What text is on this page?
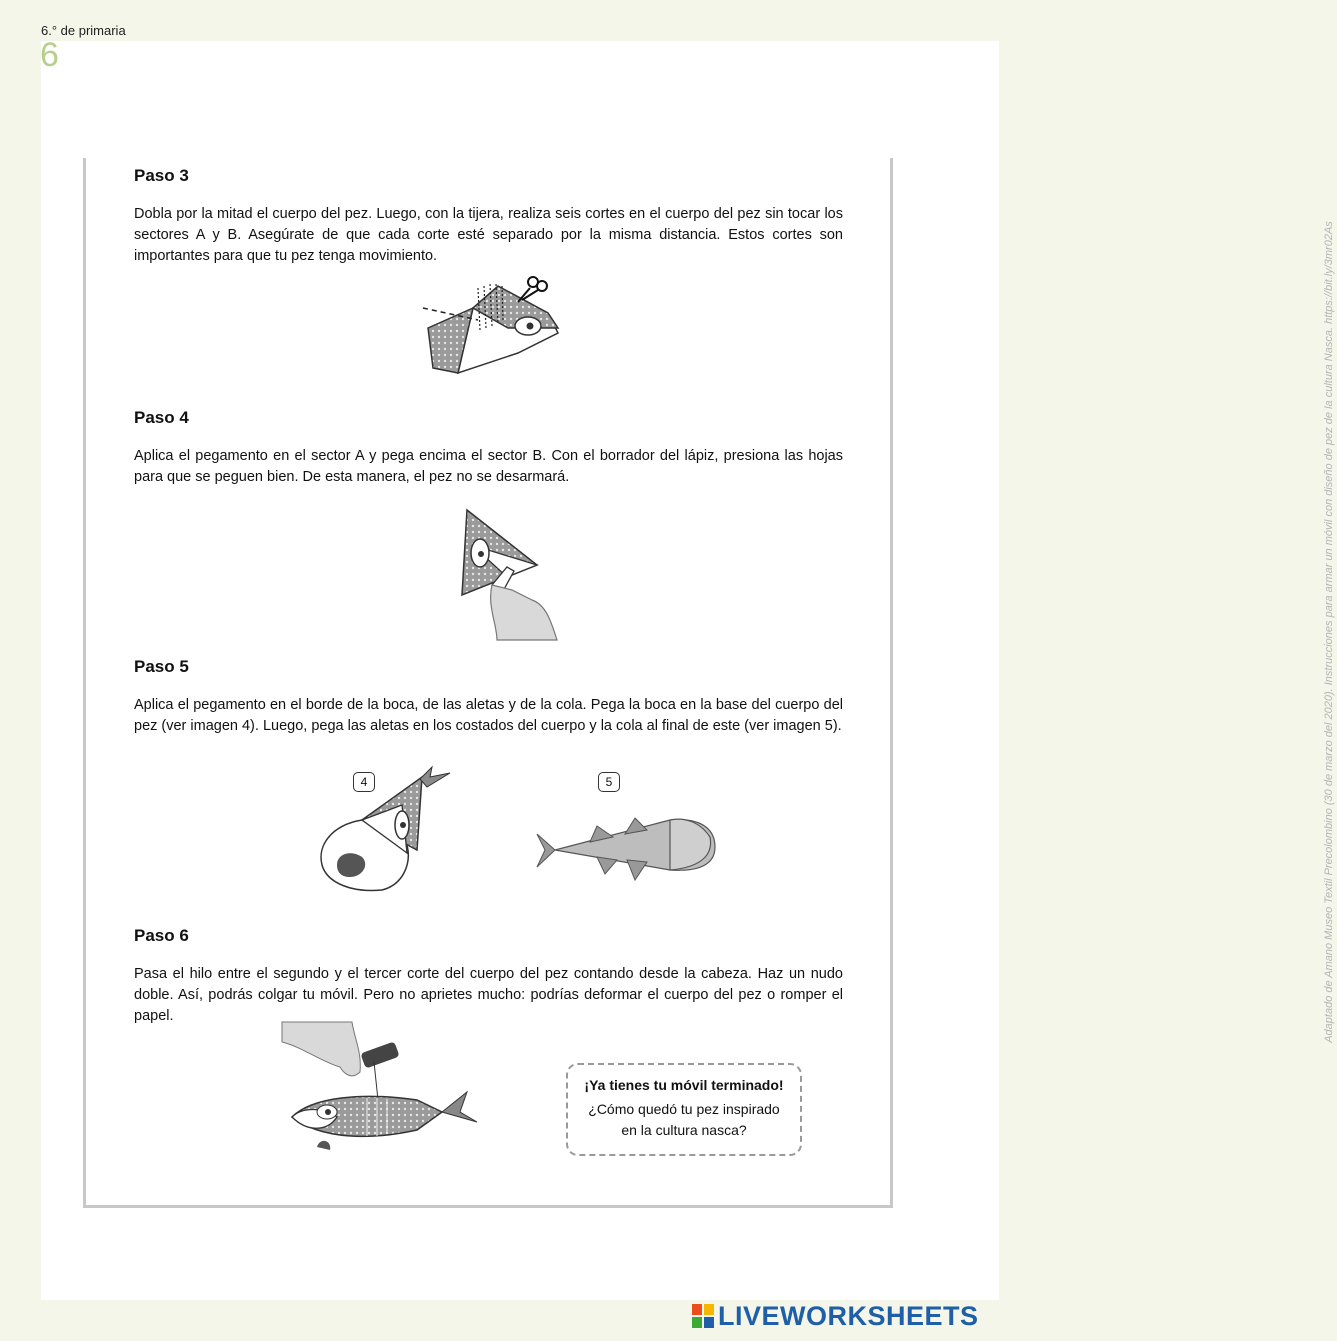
6.° de primaria
6
Paso 3

Dobla por la mitad el cuerpo del pez. Luego, con la tijera, realiza seis cortes en el cuerpo del pez sin tocar los sectores A y B. Asegúrate de que cada corte esté separado por la misma distancia. Estos cortes son importantes para que tu pez tenga movimiento.

Paso 4

Aplica el pegamento en el sector A y pega encima el sector B. Con el borrador del lápiz, presiona las hojas para que se peguen bien. De esta manera, el pez no se desarmará.

Paso 5

Aplica el pegamento en el borde de la boca, de las aletas y de la cola. Pega la boca en la base del cuerpo del pez (ver imagen 4). Luego, pega las aletas en los costados del cuerpo y la cola al final de este (ver imagen 5).

4	5
Paso 6

Pasa el hilo entre el segundo y el tercer corte del cuerpo del pez contando desde la cabeza. Haz un nudo doble. Así, podrás colgar tu móvil. Pero no aprietes mucho: podrías deformar el cuerpo del pez o romper el papel.

¡Ya tienes tu móvil terminado!
¿Cómo quedó tu pez inspirado en la cultura nasca?
Adaptado de Amano Museo Textil Precolombino (30 de marzo del 2020). Instrucciones para armar un móvil con diseño de pez de la cultura Nasca. https://bit.ly/3mr02As
LIVEWORKSHEETS
